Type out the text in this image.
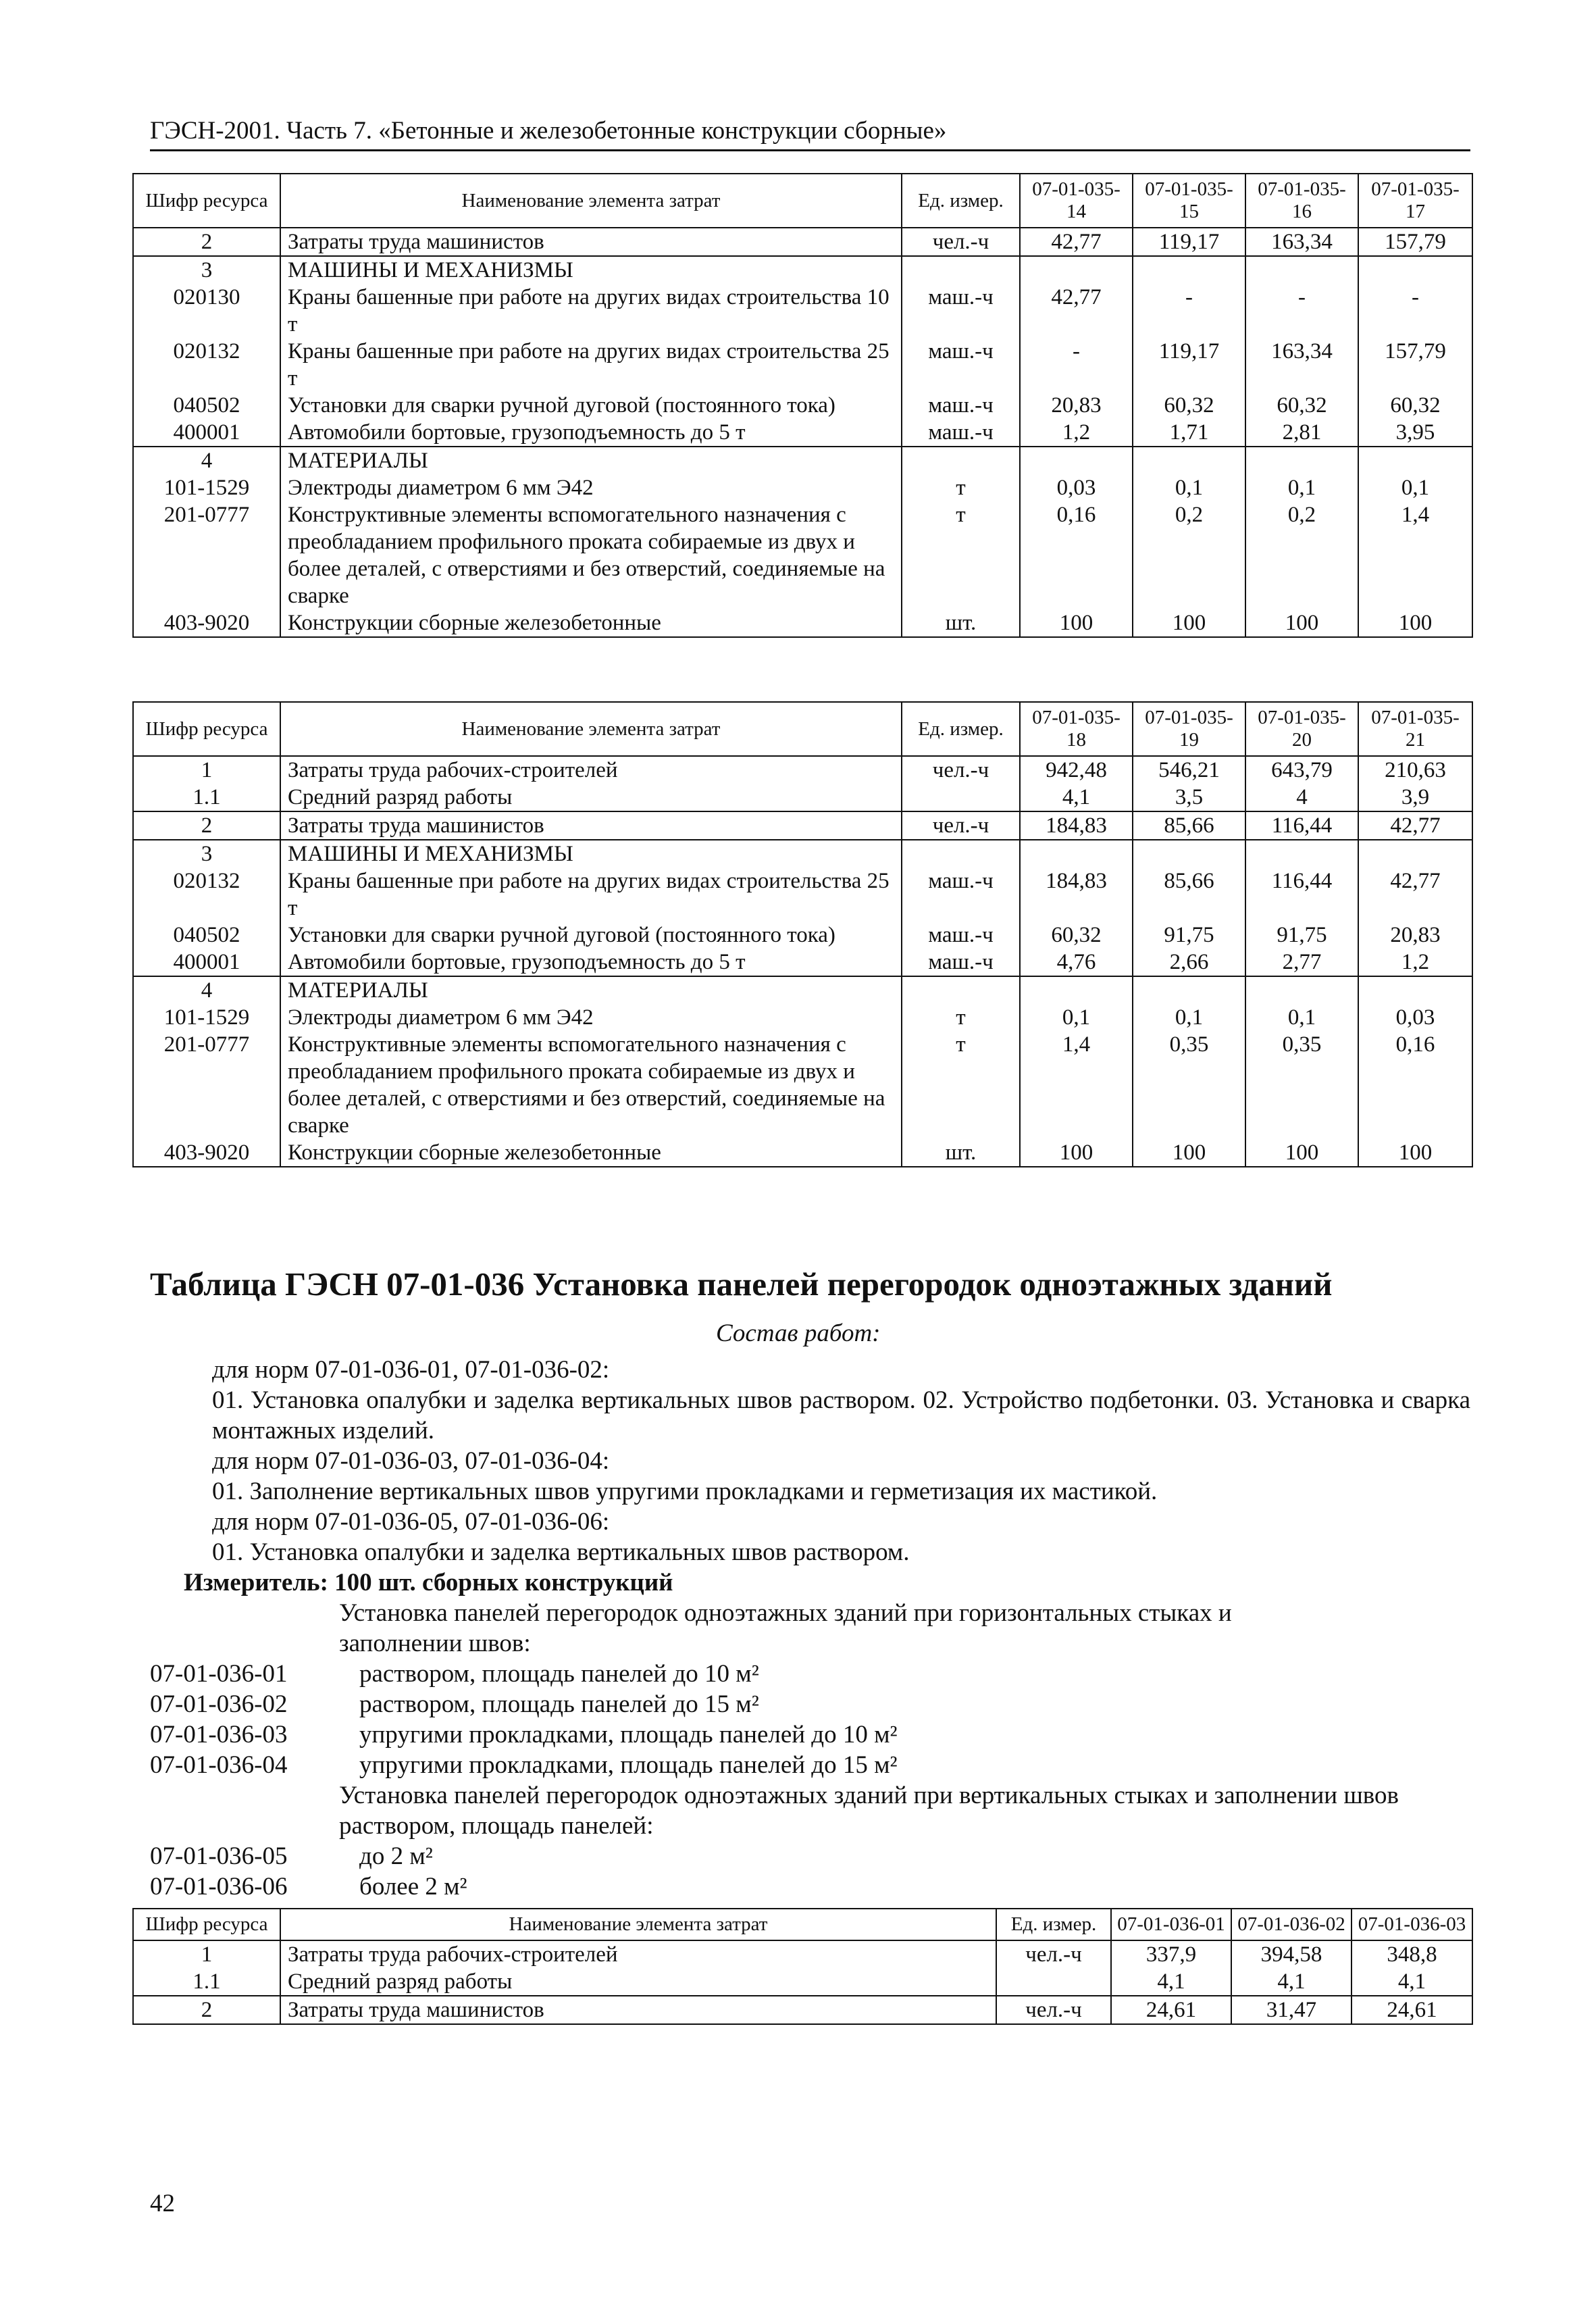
ГЭСН-2001. Часть 7. «Бетонные и железобетонные конструкции сборные»
Шифр ресурса	Наименование элемента затрат	Ед. измер.	07-01-035-14	07-01-035-15	07-01-035-16	07-01-035-17
2	Затраты труда машинистов	чел.-ч	42,77	119,17	163,34	157,79
3	МАШИНЫ И МЕХАНИЗМЫ					
020130	Краны башенные при работе на других видах строительства 10 т	маш.-ч	42,77	-	-	-
020132	Краны башенные при работе на других видах строительства 25 т	маш.-ч	-	119,17	163,34	157,79
040502	Установки для сварки ручной дуговой (постоянного тока)	маш.-ч	20,83	60,32	60,32	60,32
400001	Автомобили бортовые, грузоподъемность до 5 т	маш.-ч	1,2	1,71	2,81	3,95
4	МАТЕРИАЛЫ					
101-1529	Электроды диаметром 6 мм Э42	т	0,03	0,1	0,1	0,1
201-0777	Конструктивные элементы вспомогательного назначения с преобладанием профильного проката собираемые из двух и более деталей, с отверстиями и без отверстий, соединяемые на сварке	т	0,16	0,2	0,2	1,4
403-9020	Конструкции сборные железобетонные	шт.	100	100	100	100
Шифр ресурса	Наименование элемента затрат	Ед. измер.	07-01-035-18	07-01-035-19	07-01-035-20	07-01-035-21
1	Затраты труда рабочих-строителей	чел.-ч	942,48	546,21	643,79	210,63
1.1	Средний разряд работы		4,1	3,5	4	3,9
2	Затраты труда машинистов	чел.-ч	184,83	85,66	116,44	42,77
3	МАШИНЫ И МЕХАНИЗМЫ					
020132	Краны башенные при работе на других видах строительства 25 т	маш.-ч	184,83	85,66	116,44	42,77
040502	Установки для сварки ручной дуговой (постоянного тока)	маш.-ч	60,32	91,75	91,75	20,83
400001	Автомобили бортовые, грузоподъемность до 5 т	маш.-ч	4,76	2,66	2,77	1,2
4	МАТЕРИАЛЫ					
101-1529	Электроды диаметром 6 мм Э42	т	0,1	0,1	0,1	0,03
201-0777	Конструктивные элементы вспомогательного назначения с преобладанием профильного проката собираемые из двух и более деталей, с отверстиями и без отверстий, соединяемые на сварке	т	1,4	0,35	0,35	0,16
403-9020	Конструкции сборные железобетонные	шт.	100	100	100	100
Таблица ГЭСН 07-01-036 Установка панелей перегородок одноэтажных зданий
Состав работ:

для норм 07-01-036-01, 07-01-036-02:

01. Установка опалубки и заделка вертикальных швов раствором. 02. Устройство подбетонки. 03. Установка и сварка монтажных изделий.

для норм 07-01-036-03, 07-01-036-04:

01. Заполнение вертикальных швов упругими прокладками и герметизация их мастикой.

для норм 07-01-036-05, 07-01-036-06:

01. Установка опалубки и заделка вертикальных швов раствором.

Измеритель: 100 шт. сборных конструкций

Установка панелей перегородок одноэтажных зданий при горизонтальных стыках и заполнении швов:

07-01-036-01	раствором, площадь панелей до 10 м²
07-01-036-02	раствором, площадь панелей до 15 м²
07-01-036-03	упругими прокладками, площадь панелей до 10 м²
07-01-036-04	упругими прокладками, площадь панелей до 15 м²

Установка панелей перегородок одноэтажных зданий при вертикальных стыках и заполнении швов раствором, площадь панелей:

07-01-036-05	до 2 м²
07-01-036-06	более 2 м²
Шифр ресурса	Наименование элемента затрат	Ед. измер.	07-01-036-01	07-01-036-02	07-01-036-03
1	Затраты труда рабочих-строителей	чел.-ч	337,9	394,58	348,8
1.1	Средний разряд работы		4,1	4,1	4,1
2	Затраты труда машинистов	чел.-ч	24,61	31,47	24,61
42
